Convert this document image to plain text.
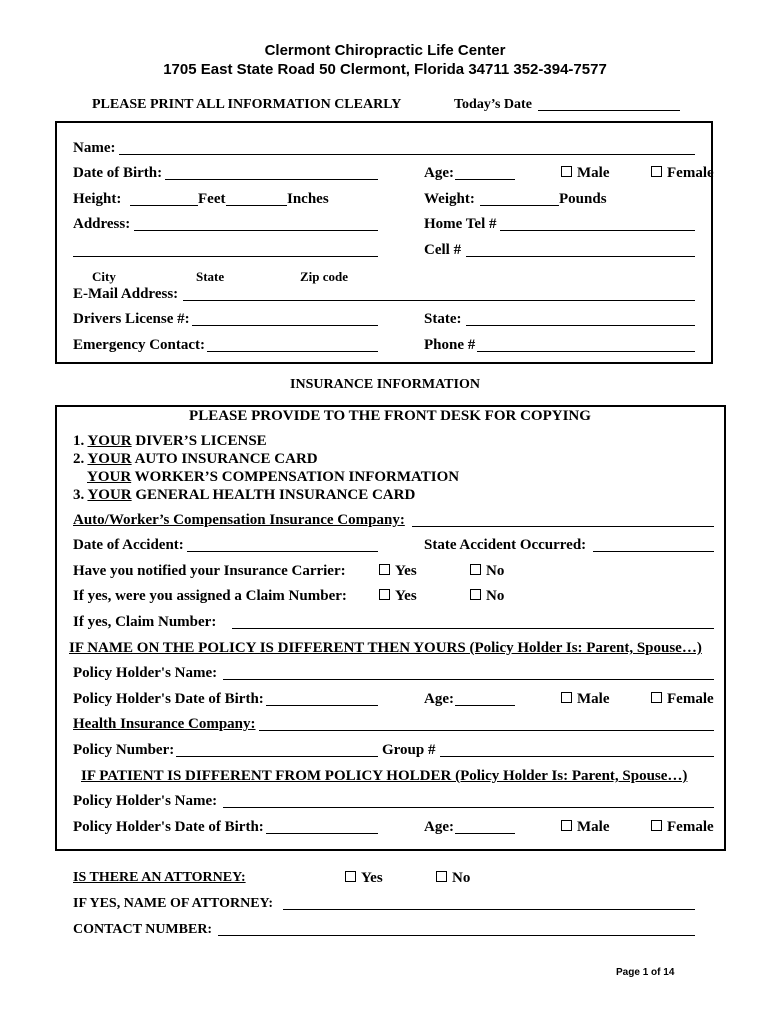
Clermont Chiropractic Life Center
1705 East State Road 50 Clermont, Florida 34711 352-394-7577
PLEASE PRINT ALL INFORMATION CLEARLY	Today’s Date
Name:
Date of Birth:	Age:	Male	Female
Height:	Feet	Inches	Weight:	Pounds
Address:	Home Tel #
Cell #
City	State	Zip code
E-Mail Address:
Drivers License #:	State:
Emergency Contact:	Phone #
INSURANCE INFORMATION
PLEASE PROVIDE TO THE FRONT DESK FOR COPYING
1. YOUR DIVER’S LICENSE
2. YOUR AUTO INSURANCE CARD
YOUR WORKER’S COMPENSATION INFORMATION
3. YOUR GENERAL HEALTH INSURANCE CARD
Auto/Worker’s Compensation Insurance Company:
Date of Accident:	State Accident Occurred:
Have you notified your Insurance Carrier:	Yes	No
If yes, were you assigned a Claim Number:	Yes	No
If yes, Claim Number:
IF NAME ON THE POLICY IS DIFFERENT THEN YOURS (Policy Holder Is: Parent, Spouse…)
Policy Holder's Name:
Policy Holder's Date of Birth:	Age:	Male	Female
Health Insurance Company:
Policy Number:	Group #
IF PATIENT IS DIFFERENT FROM POLICY HOLDER (Policy Holder Is: Parent, Spouse…)
Policy Holder's Name:
Policy Holder's Date of Birth:	Age:	Male	Female
IS THERE AN ATTORNEY:	Yes	No
IF YES, NAME OF ATTORNEY:
CONTACT NUMBER:
Page 1 of 14
